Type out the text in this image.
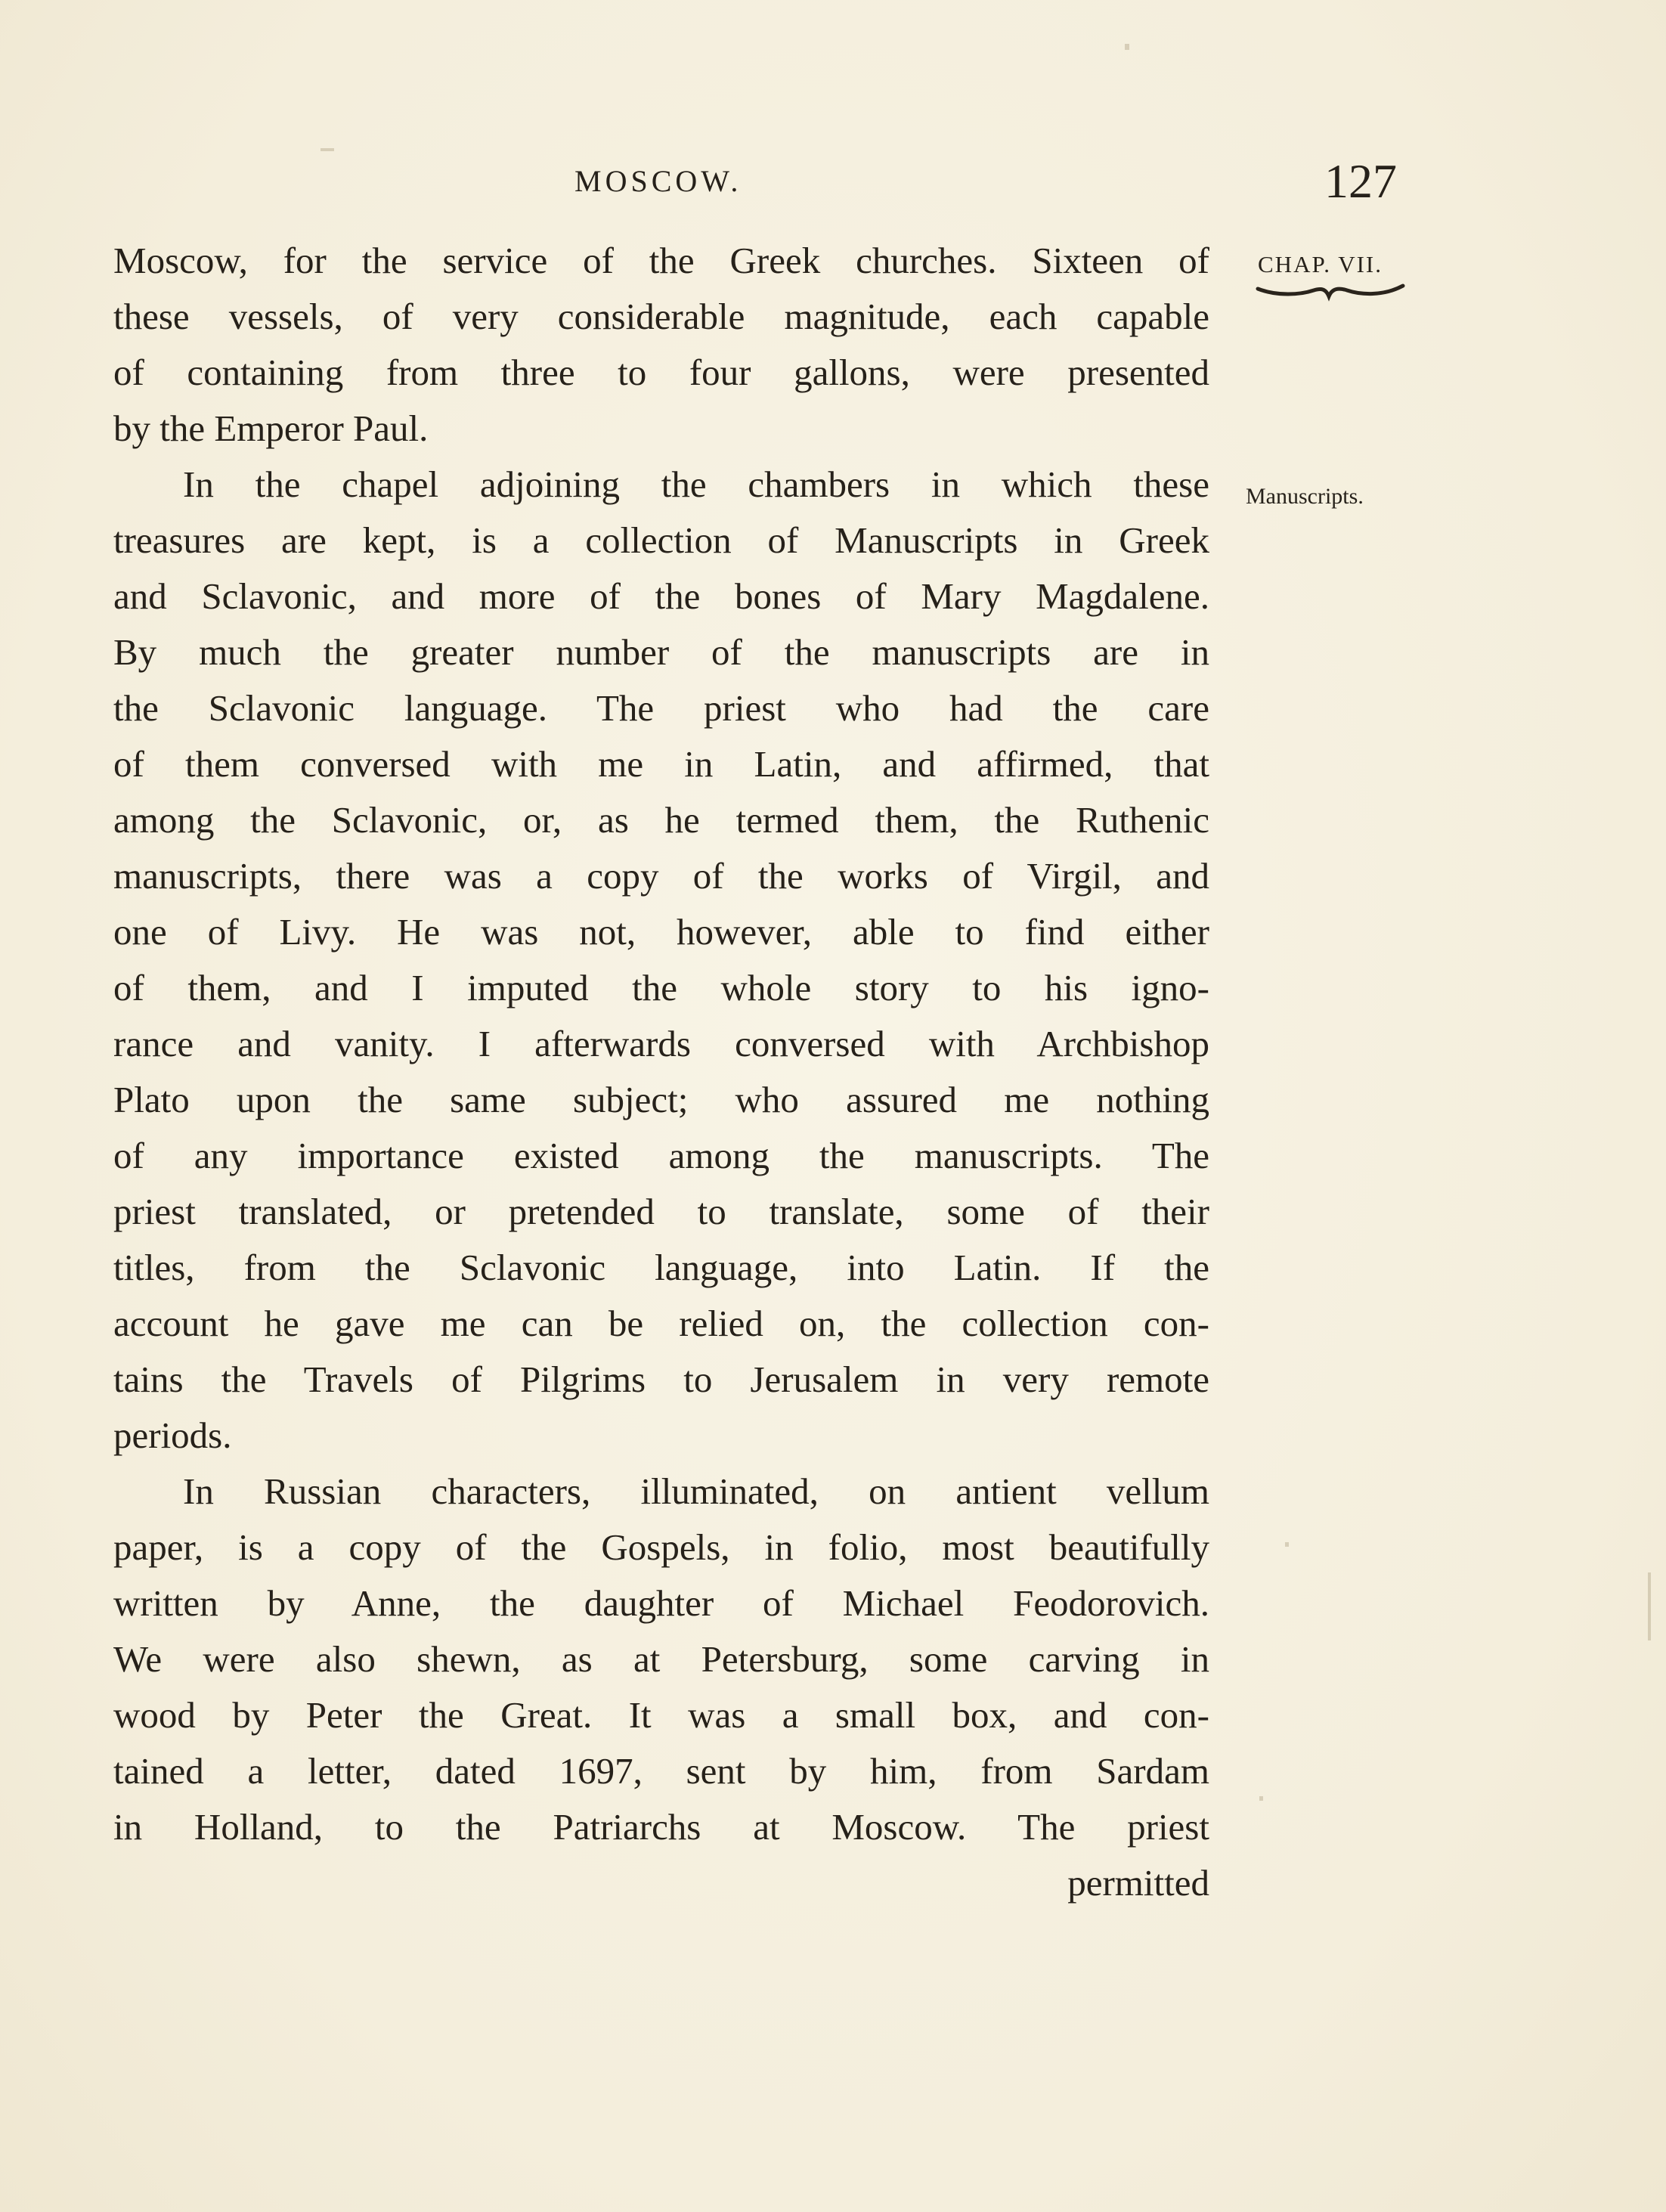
MOSCOW.	127
CHAP. VII.
Manuscripts.
Moscow, for the service of the Greek churches. Sixteen of
these vessels, of very considerable magnitude, each capable
of containing from three to four gallons, were presented
by the Emperor Paul.
In the chapel adjoining the chambers in which these
treasures are kept, is a collection of Manuscripts in Greek
and Sclavonic, and more of the bones of Mary Magdalene.
By much the greater number of the manuscripts are in
the Sclavonic language. The priest who had the care
of them conversed with me in Latin, and affirmed, that
among the Sclavonic, or, as he termed them, the Ruthenic
manuscripts, there was a copy of the works of Virgil, and
one of Livy. He was not, however, able to find either
of them, and I imputed the whole story to his igno-
rance and vanity. I afterwards conversed with Archbishop
Plato upon the same subject; who assured me nothing
of any importance existed among the manuscripts. The
priest translated, or pretended to translate, some of their
titles, from the Sclavonic language, into Latin. If the
account he gave me can be relied on, the collection con-
tains the Travels of Pilgrims to Jerusalem in very remote
periods.
In Russian characters, illuminated, on antient vellum
paper, is a copy of the Gospels, in folio, most beautifully
written by Anne, the daughter of Michael Feodorovich.
We were also shewn, as at Petersburg, some carving in
wood by Peter the Great. It was a small box, and con-
tained a letter, dated 1697, sent by him, from Sardam
in Holland, to the Patriarchs at Moscow. The priest
permitted
